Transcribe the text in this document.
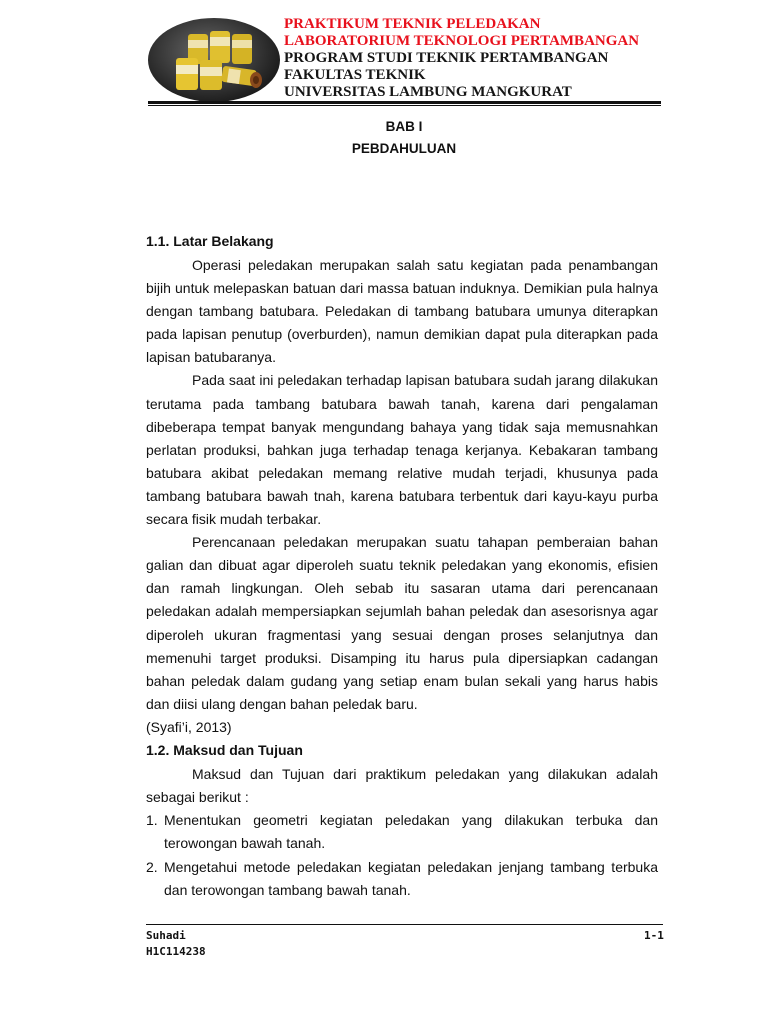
PRAKTIKUM TEKNIK PELEDAKAN
LABORATORIUM TEKNOLOGI PERTAMBANGAN
PROGRAM STUDI TEKNIK PERTAMBANGAN
FAKULTAS TEKNIK
UNIVERSITAS LAMBUNG MANGKURAT
BAB I
PEBDAHULUAN
1.1. Latar Belakang

Operasi peledakan merupakan salah satu kegiatan pada penambangan bijih untuk melepaskan batuan dari massa batuan induknya. Demikian pula halnya dengan tambang batubara. Peledakan di tambang batubara umunya diterapkan pada lapisan penutup (overburden), namun demikian dapat pula diterapkan pada lapisan batubaranya.

Pada saat ini peledakan terhadap lapisan batubara sudah jarang dilakukan terutama pada tambang batubara bawah tanah, karena dari pengalaman dibeberapa tempat banyak mengundang bahaya yang tidak saja memusnahkan perlatan produksi, bahkan juga terhadap tenaga kerjanya. Kebakaran tambang batubara akibat peledakan memang relative mudah terjadi, khusunya pada tambang batubara bawah tnah, karena batubara terbentuk dari kayu-kayu purba secara fisik mudah terbakar.

Perencanaan peledakan merupakan suatu tahapan pemberaian bahan galian dan dibuat agar diperoleh suatu teknik peledakan yang ekonomis, efisien dan ramah lingkungan. Oleh sebab itu sasaran utama dari perencanaan peledakan adalah mempersiapkan sejumlah bahan peledak dan asesorisnya agar diperoleh ukuran fragmentasi yang sesuai dengan proses selanjutnya dan memenuhi target produksi. Disamping itu harus pula dipersiapkan cadangan bahan peledak dalam gudang yang setiap enam bulan sekali yang harus habis dan diisi ulang dengan bahan peledak baru.

(Syafi’i, 2013)
1.2. Maksud dan Tujuan

Maksud dan Tujuan dari praktikum peledakan yang dilakukan adalah sebagai berikut :

1. Menentukan geometri kegiatan peledakan yang dilakukan terbuka dan terowongan bawah tanah.
2. Mengetahui metode peledakan kegiatan peledakan jenjang tambang terbuka dan terowongan tambang bawah tanah.
Suhadi
H1C114238
1-1
